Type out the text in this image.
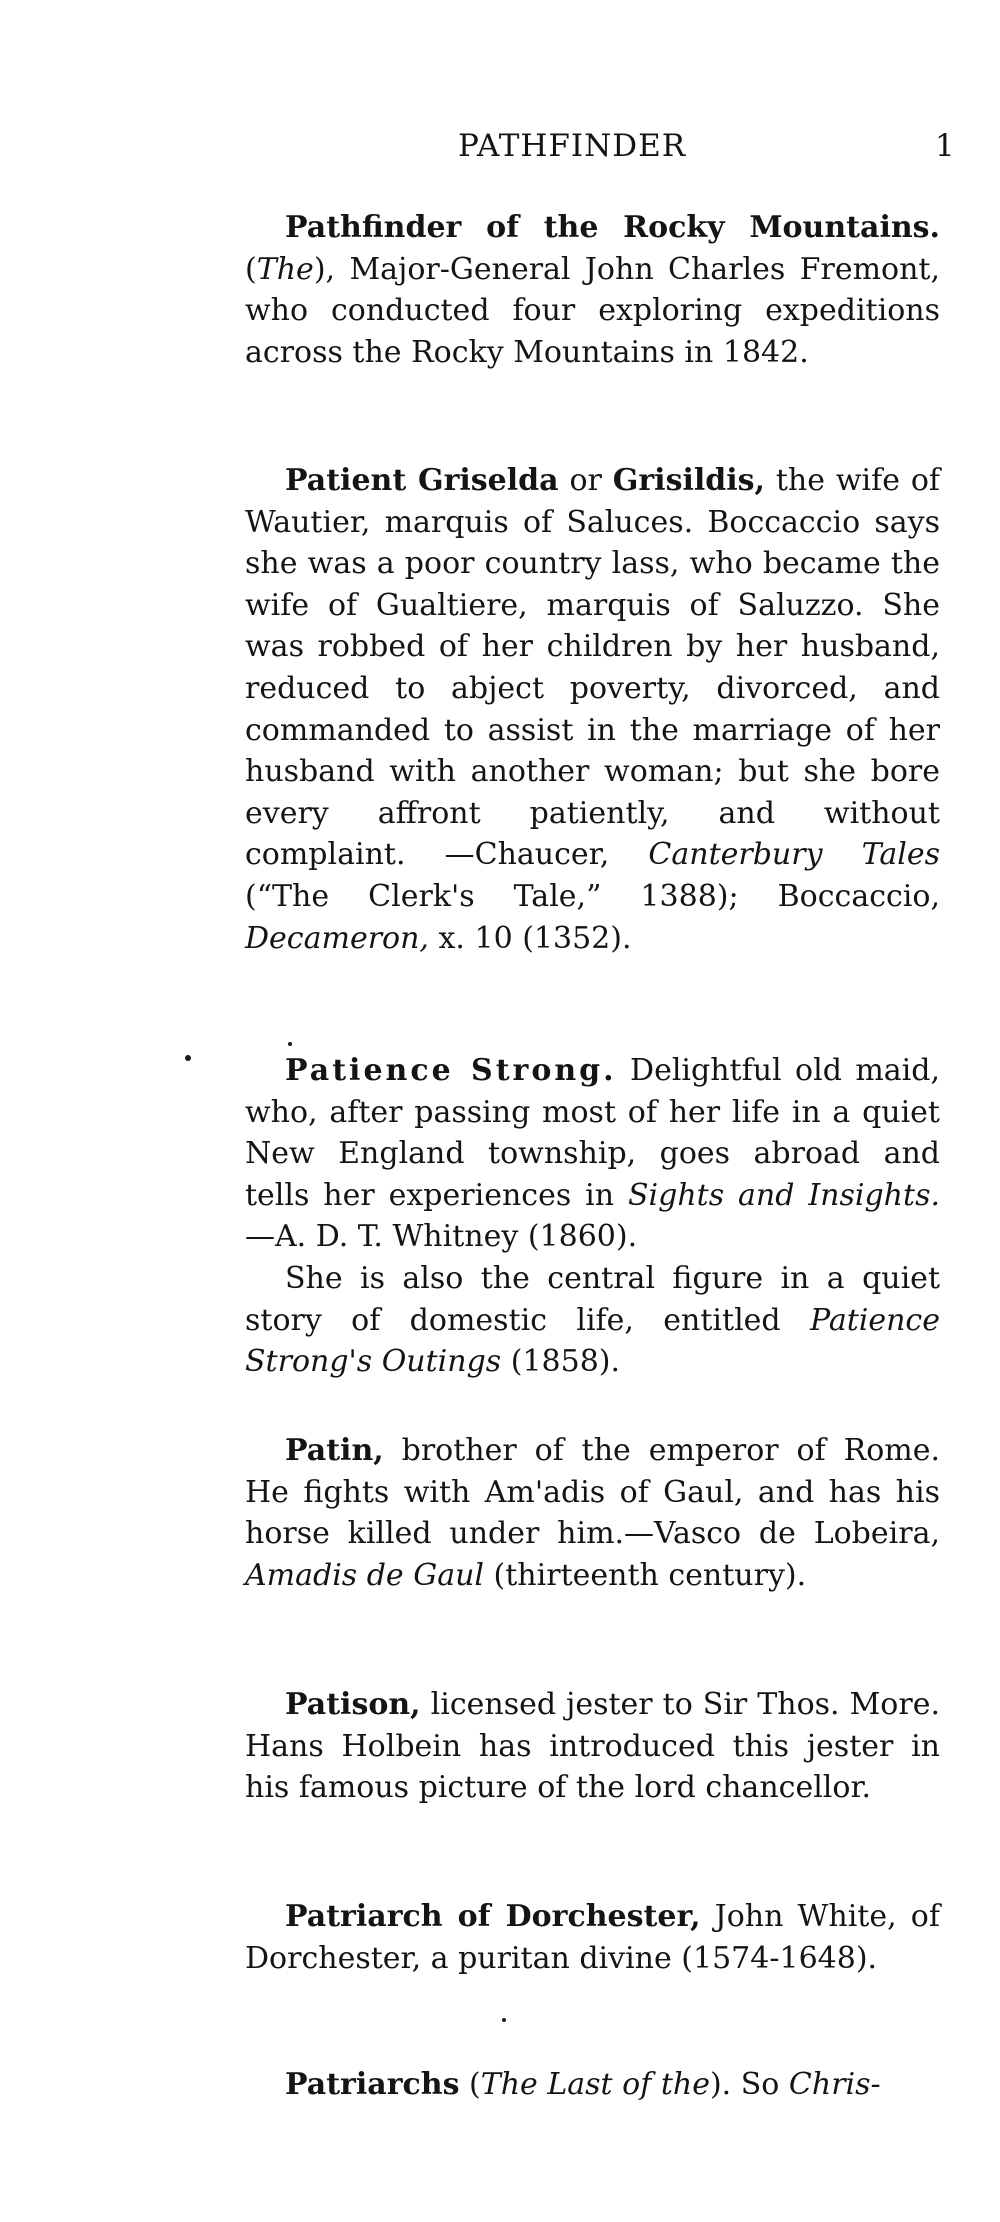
PATHFINDER	1
Pathfinder of the Rocky Mountains. (The), Major-General John Charles Fremont, who conducted four exploring expeditions across the Rocky Mountains in 1842.
Patient Griselda or Grisildis, the wife of Wautier, marquis of Saluces. Boccaccio says she was a poor country lass, who became the wife of Gualtiere, marquis of Saluzzo. She was robbed of her children by her husband, reduced to abject poverty, divorced, and commanded to assist in the marriage of her husband with another woman; but she bore every affront patiently, and without complaint. —Chaucer, Canterbury Tales (“The Clerk's Tale,” 1388); Boccaccio, Decameron, x. 10 (1352).
Patience Strong. Delightful old maid, who, after passing most of her life in a quiet New England township, goes abroad and tells her experiences in Sights and Insights.—A. D. T. Whitney (1860).

She is also the central figure in a quiet story of domestic life, entitled Patience Strong's Outings (1858).

Patin, brother of the emperor of Rome. He fights with Am'adis of Gaul, and has his horse killed under him.—Vasco de Lobeira, Amadis de Gaul (thirteenth century).
Patison, licensed jester to Sir Thos. More. Hans Holbein has introduced this jester in his famous picture of the lord chancellor.
Patriarch of Dorchester, John White, of Dorchester, a puritan divine (1574-1648).
Patriarchs (The Last of the). So Chris-
